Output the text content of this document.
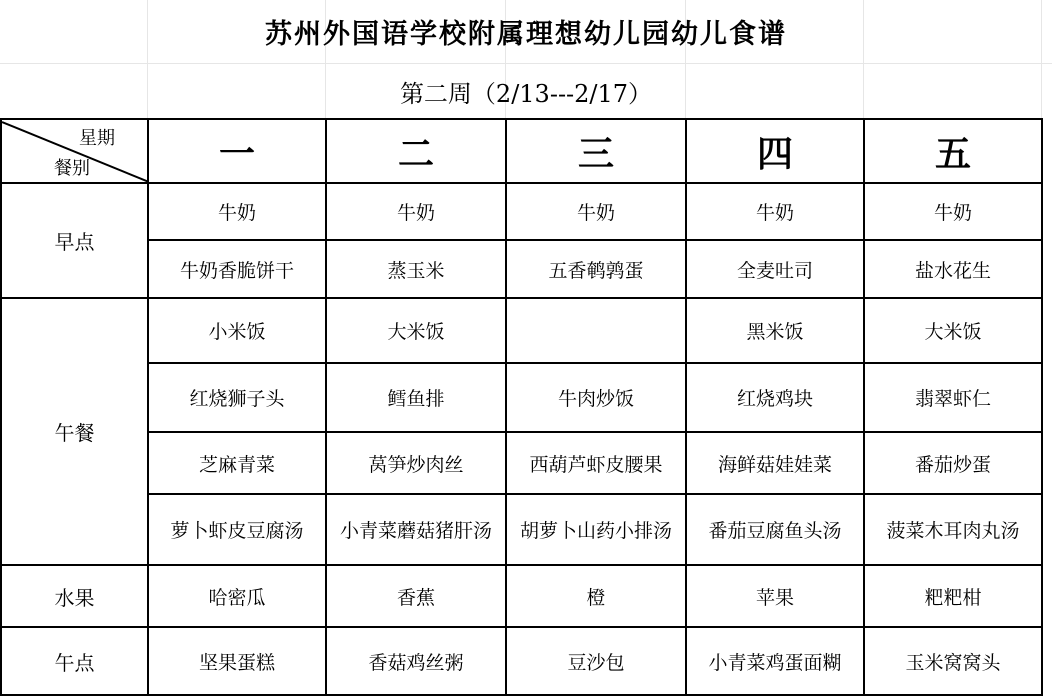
苏州外国语学校附属理想幼儿园幼儿食谱
第二周（2/13---2/17）
星期
餐别	一	二	三	四	五
早点	牛奶	牛奶	牛奶	牛奶	牛奶
	牛奶香脆饼干	蒸玉米	五香鹌鹑蛋	全麦吐司	盐水花生
午餐	小米饭	大米饭		黑米饭	大米饭
	红烧狮子头	鳕鱼排	牛肉炒饭	红烧鸡块	翡翠虾仁
	芝麻青菜	莴笋炒肉丝	西葫芦虾皮腰果	海鲜菇娃娃菜	番茄炒蛋
	萝卜虾皮豆腐汤	小青菜蘑菇猪肝汤	胡萝卜山药小排汤	番茄豆腐鱼头汤	菠菜木耳肉丸汤
水果	哈密瓜	香蕉	橙	苹果	粑粑柑
午点	坚果蛋糕	香菇鸡丝粥	豆沙包	小青菜鸡蛋面糊	玉米窝窝头
